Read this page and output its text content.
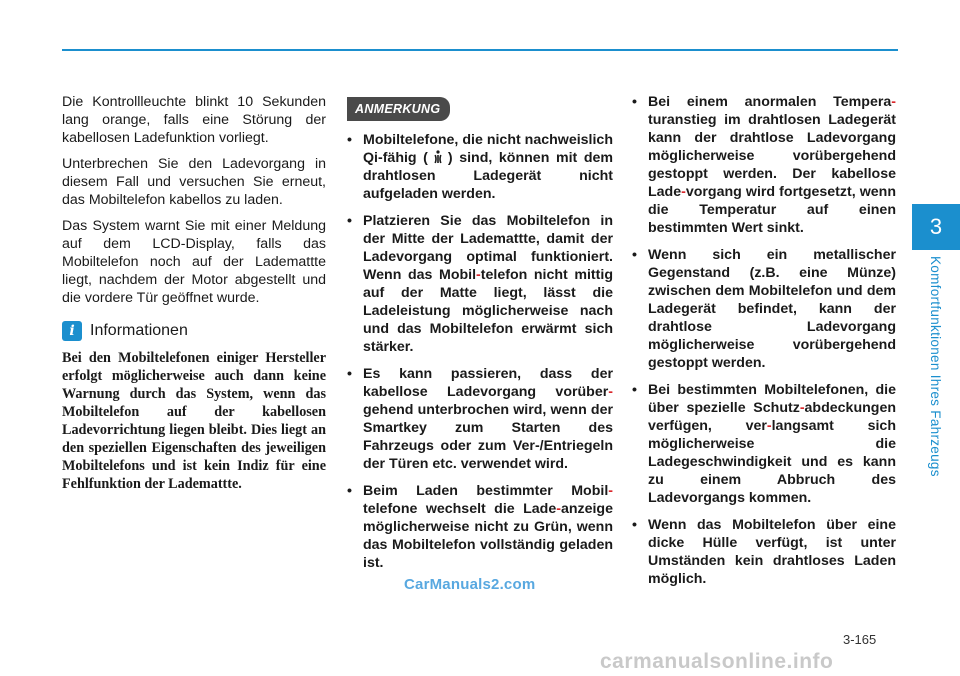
3
Komfortfunktionen Ihres Fahrzeugs

Die Kontrollleuchte blinkt 10 Sekunden lang orange, falls eine Störung der kabellosen Ladefunktion vorliegt.

Unterbrechen Sie den Ladevorgang in diesem Fall und versuchen Sie erneut, das Mobiltelefon kabellos zu laden.

Das System warnt Sie mit einer Meldung auf dem LCD-Display, falls das Mobiltelefon noch auf der Lademattte liegt, nachdem der Motor abgestellt und die vordere Tür geöffnet wurde.

i Informationen

Bei den Mobiltelefonen einiger Hersteller erfolgt möglicherweise auch dann keine Warnung durch das System, wenn das Mobiltelefon auf der kabellosen Ladevorrichtung liegen bleibt. Dies liegt an den speziellen Eigenschaften des jeweiligen Mobiltelefons und ist kein Indiz für eine Fehlfunktion der Lademattte.

ANMERKUNG
• Mobiltelefone, die nicht nachweislich Qi-fähig ( ) sind, können mit dem drahtlosen Ladegerät nicht aufgeladen werden.
• Platzieren Sie das Mobiltelefon in der Mitte der Lademattte, damit der Ladevorgang optimal funktioniert. Wenn das Mobil-telefon nicht mittig auf der Matte liegt, lässt die Ladeleistung möglicherweise nach und das Mobiltelefon erwärmt sich stärker.
• Es kann passieren, dass der kabellose Ladevorgang vorüber-gehend unterbrochen wird, wenn der Smartkey zum Starten des Fahrzeugs oder zum Ver-/Entriegeln der Türen etc. verwendet wird.
• Beim Laden bestimmter Mobil-telefone wechselt die Lade-anzeige möglicherweise nicht zu Grün, wenn das Mobiltelefon vollständig geladen ist.
• Bei einem anormalen Tempera-turanstieg im drahtlosen Ladegerät kann der drahtlose Ladevorgang möglicherweise vorübergehend gestoppt werden. Der kabellose Lade-vorgang wird fortgesetzt, wenn die Temperatur auf einen bestimmten Wert sinkt.
• Wenn sich ein metallischer Gegenstand (z.B. eine Münze) zwischen dem Mobiltelefon und dem Ladegerät befindet, kann der drahtlose Ladevorgang möglicherweise vorübergehend gestoppt werden.
• Bei bestimmten Mobiltelefonen, die über spezielle Schutz-abdeckungen verfügen, ver-langsamt sich möglicherweise die Ladegeschwindigkeit und es kann zu einem Abbruch des Ladevorgangs kommen.
• Wenn das Mobiltelefon über eine dicke Hülle verfügt, ist unter Umständen kein drahtloses Laden möglich.
CarManuals2.com
3-165
carmanualsonline.info
